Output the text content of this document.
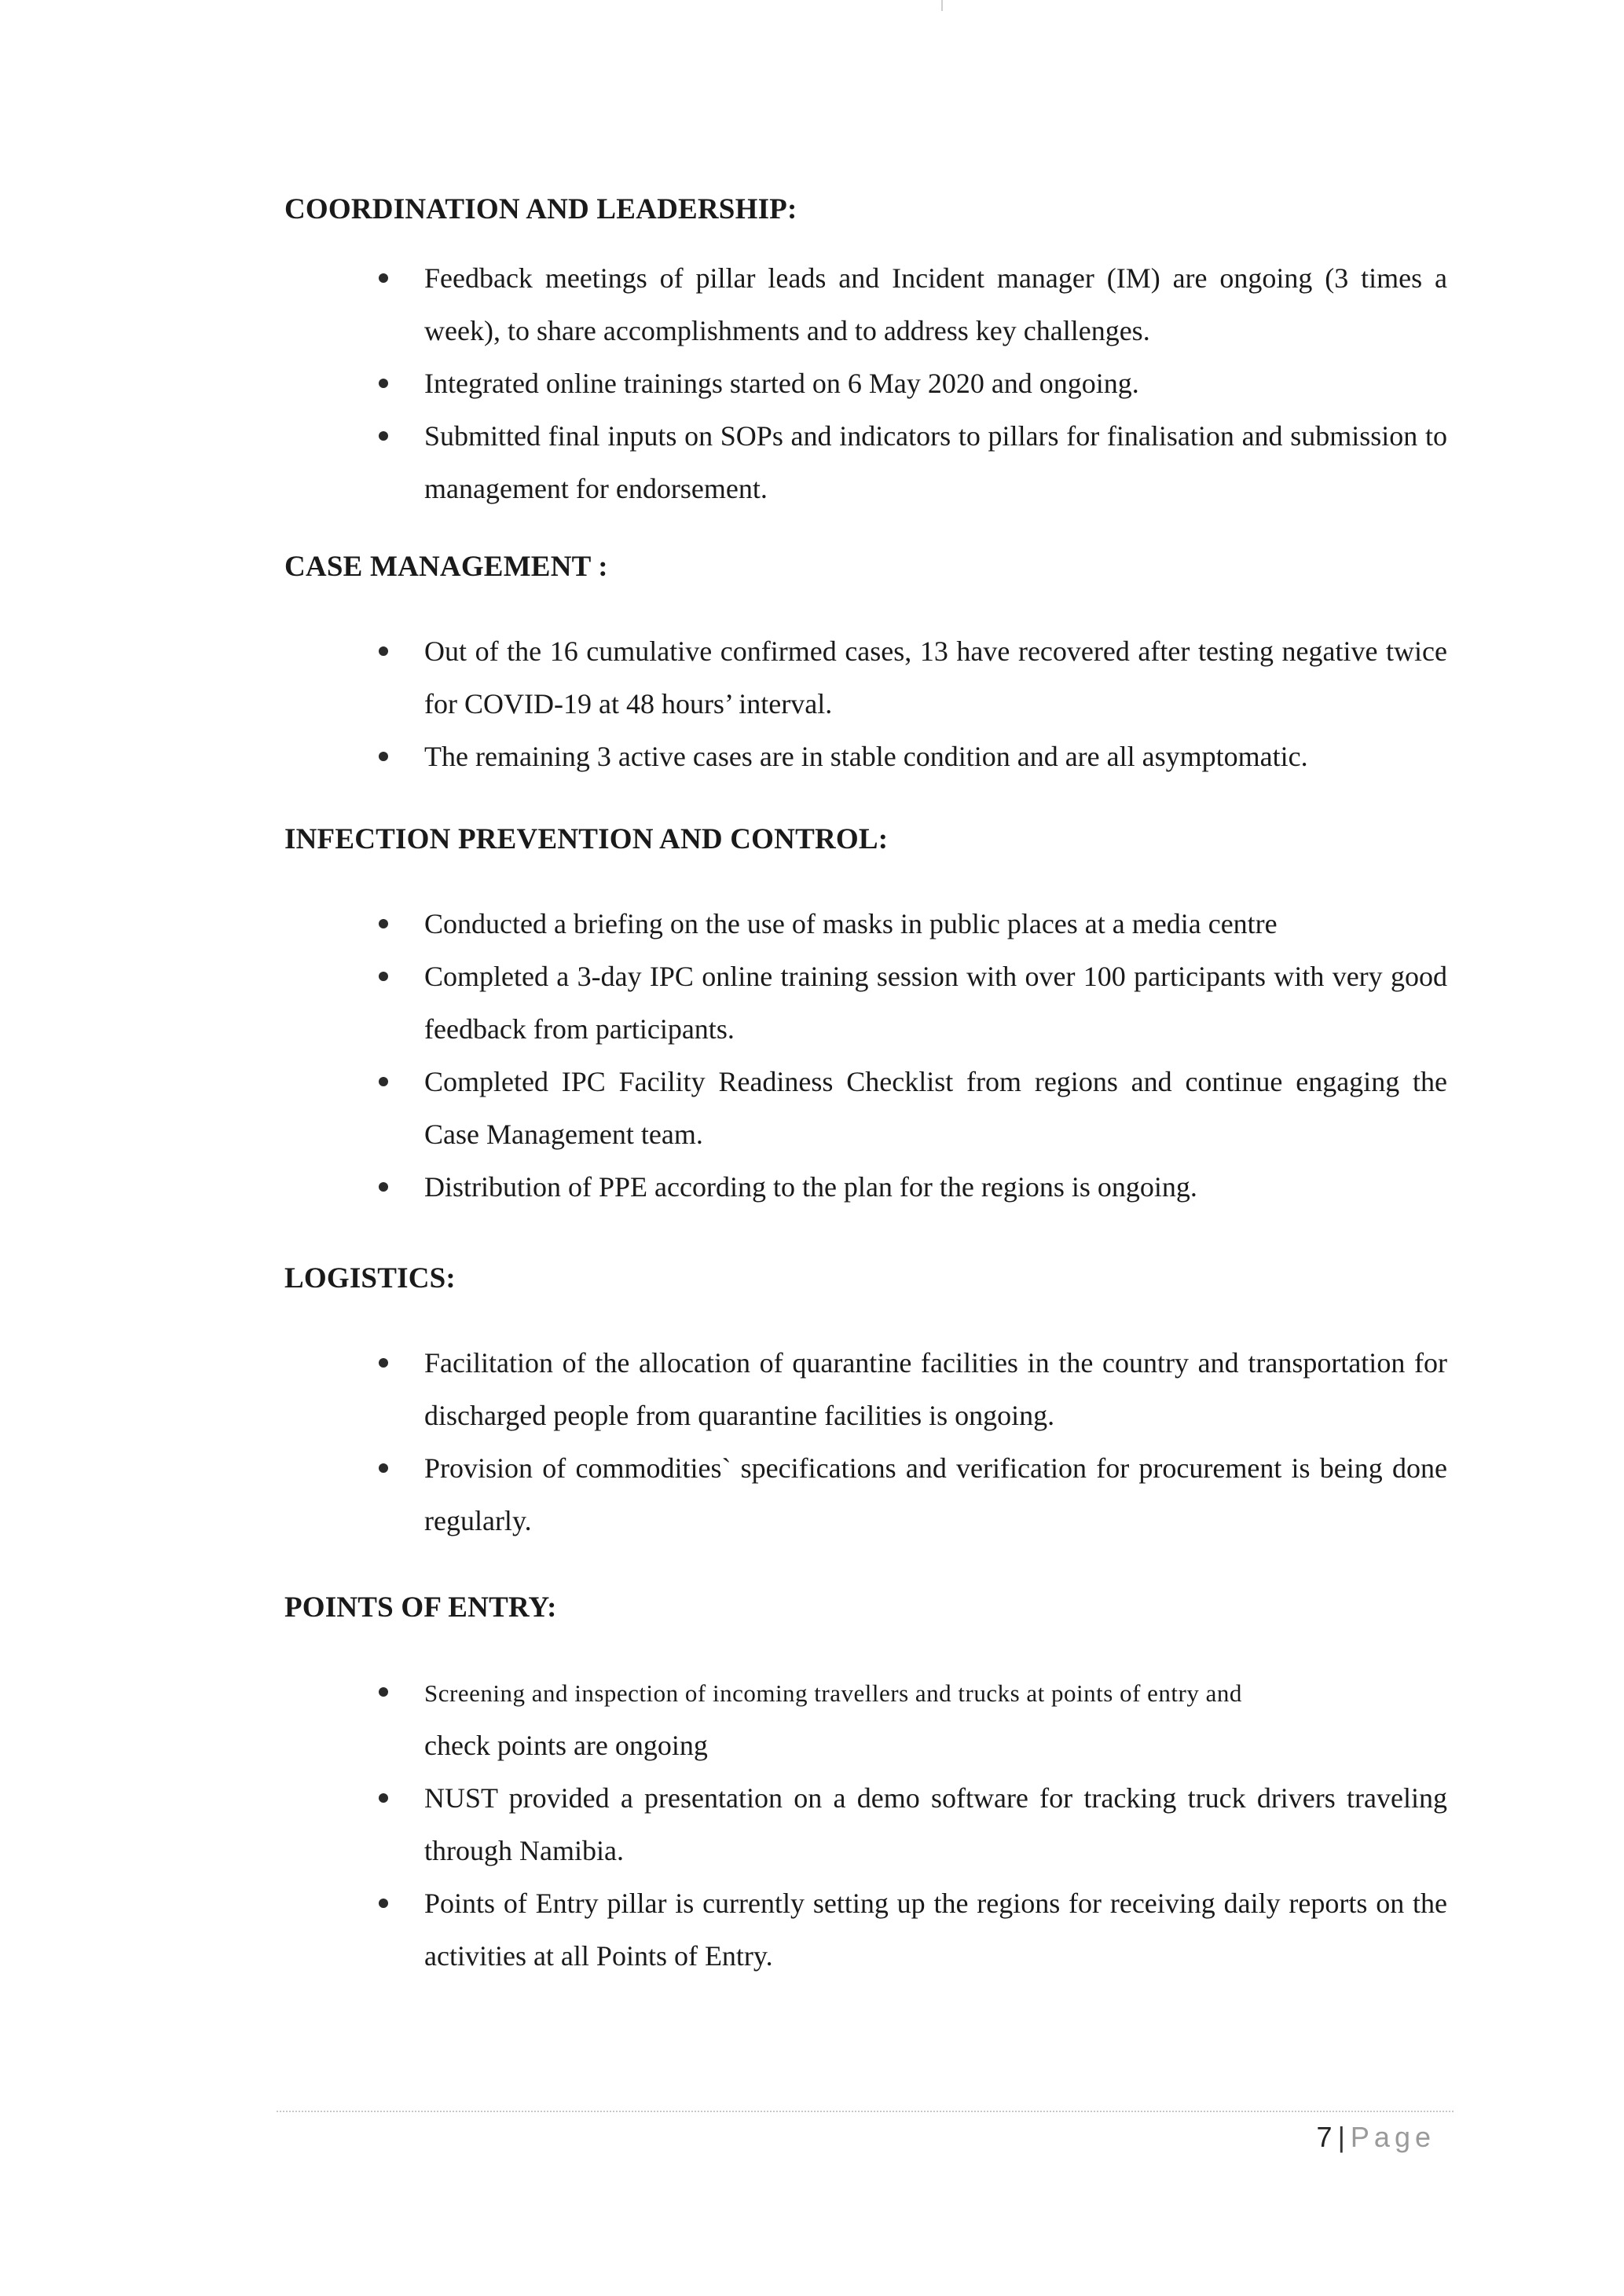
COORDINATION AND LEADERSHIP:
Feedback meetings of pillar leads and Incident manager (IM) are ongoing (3 times a week), to share accomplishments and to address key challenges.
Integrated online trainings started on 6 May 2020 and ongoing.
Submitted final inputs on SOPs and indicators to pillars for finalisation and submission to management for endorsement.
CASE MANAGEMENT :
Out of the 16 cumulative confirmed cases, 13 have recovered after testing negative twice for COVID-19 at 48 hours’ interval.
The remaining 3 active cases are in stable condition and are all asymptomatic.
INFECTION PREVENTION AND CONTROL:
Conducted a briefing on the use of masks in public places at a media centre
Completed a 3-day IPC online training session with over 100 participants with very good feedback from participants.
Completed IPC Facility Readiness Checklist from regions and continue engaging the Case Management team.
Distribution of PPE according to the plan for the regions is ongoing.
LOGISTICS:
Facilitation of the allocation of quarantine facilities in the country and transportation for discharged people from quarantine facilities is ongoing.
Provision of commodities` specifications and verification for procurement is being done regularly.
POINTS OF ENTRY:
Screening and inspection of incoming travellers and trucks at points of entry and
check points are ongoing
NUST provided a presentation on a demo software for tracking truck drivers traveling through Namibia.
Points of Entry pillar is currently setting up the regions for receiving daily reports on the activities at all Points of Entry.
7 | Page
